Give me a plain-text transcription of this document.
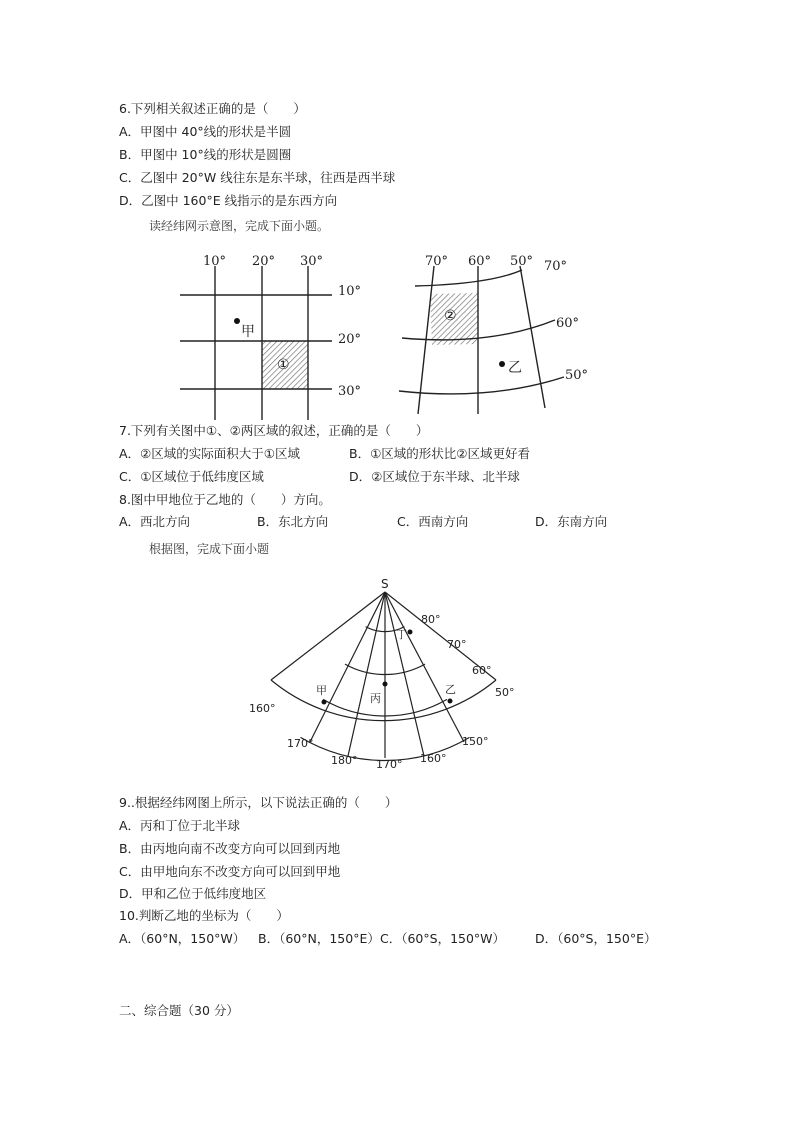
6.下列相关叙述正确的是（　　）
A．甲图中 40°线的形状是半圆
B．甲图中 10°线的形状是圆圈
C．乙图中 20°W 线往东是东半球，往西是西半球
D．乙图中 160°E 线指示的是东西方向
读经纬网示意图，完成下面小题。
10° 20° 30°
10°
20°
30°
甲
①
70° 60° 50° 70°
60°
50°
②
乙
7.下列有关图中①、②两区域的叙述，正确的是（　　）
A．②区域的实际面积大于①区域	B．①区域的形状比②区域更好看
C．①区域位于低纬度区域	D．②区域位于东半球、北半球
8.图中甲地位于乙地的（　　）方向。
A．西北方向	B．东北方向	C．西南方向	D．东南方向
根据图，完成下面小题
S
80°
70°
60°
50°
160°
170°
180° 170° 160°
150°
甲
丙
丁
乙
9..根据经纬网图上所示，以下说法正确的（　　）
A．丙和丁位于北半球
B．由丙地向南不改变方向可以回到丙地
C．由甲地向东不改变方向可以回到甲地
D．甲和乙位于低纬度地区
10.判断乙地的坐标为（　　）
A．（60°N，150°W） B．（60°N，150°E） C．（60°S，150°W） D．（60°S，150°E）
二、综合题（30 分）
